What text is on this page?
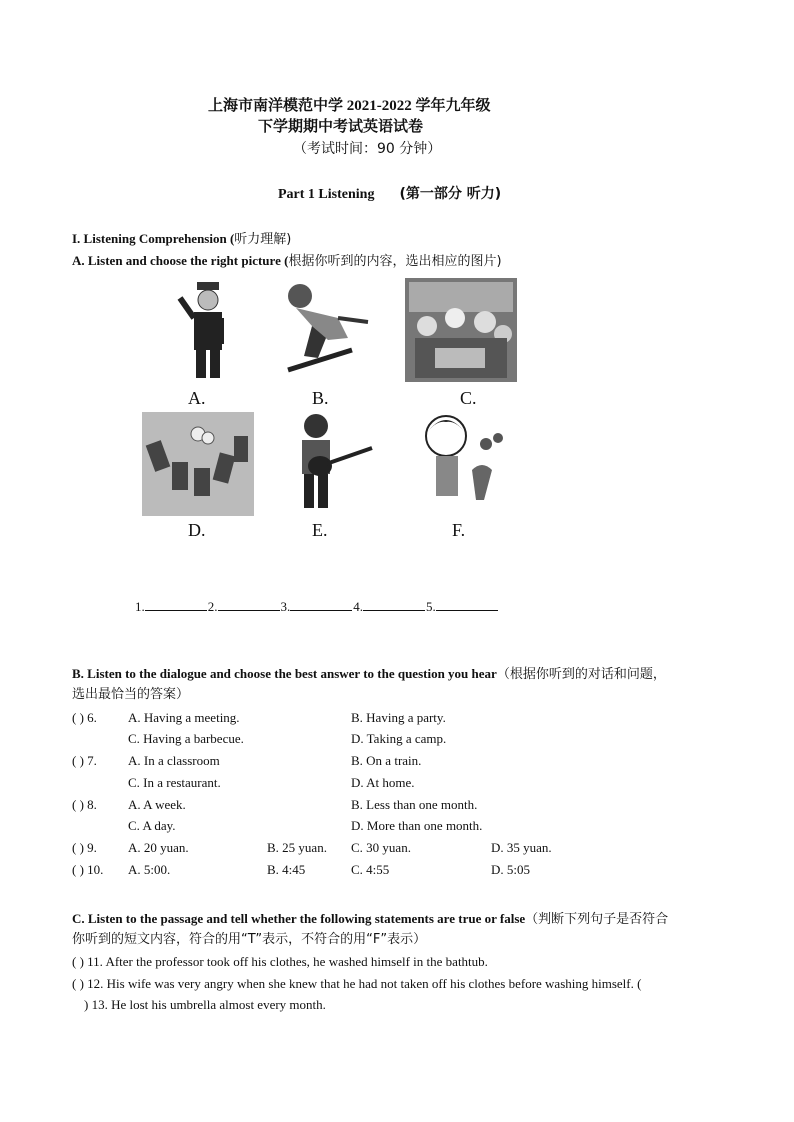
上海市南洋模范中学 2021-2022 学年九年级
下学期期中考试英语试卷
（考试时间：90 分钟）
Part 1 Listening (第一部分 听力)
I. Listening Comprehension (听力理解)
A. Listen and choose the right picture (根据你听到的内容，选出相应的图片)
A.	B.	C.
D.	E.	F.
1.	2.	3.	4.	5.
B. Listen to the dialogue and choose the best answer to the question you hear（根据你听到的对话和问题，
选出最恰当的答案）
( ) 6. A. Having a meeting.	B. Having a party.
C. Having a barbecue.	D. Taking a camp.
( ) 7. A. In a classroom	B. On a train.
C. In a restaurant.	D. At home.
( ) 8. A. A week.	B. Less than one month.
C. A day.	D. More than one month.
( ) 9. A. 20 yuan.	B. 25 yuan. C. 30 yuan.	D. 35 yuan.
( ) 10. A. 5:00.	B. 4:45	C. 4:55	D. 5:05
C. Listen to the passage and tell whether the following statements are true or false（判断下列句子是否符合
你听到的短文内容，符合的用“T”表示，不符合的用“F”表示）
( ) 11. After the professor took off his clothes, he washed himself in the bathtub.
( ) 12. His wife was very angry when she knew that he had not taken off his clothes before washing himself. (
) 13. He lost his umbrella almost every month.
